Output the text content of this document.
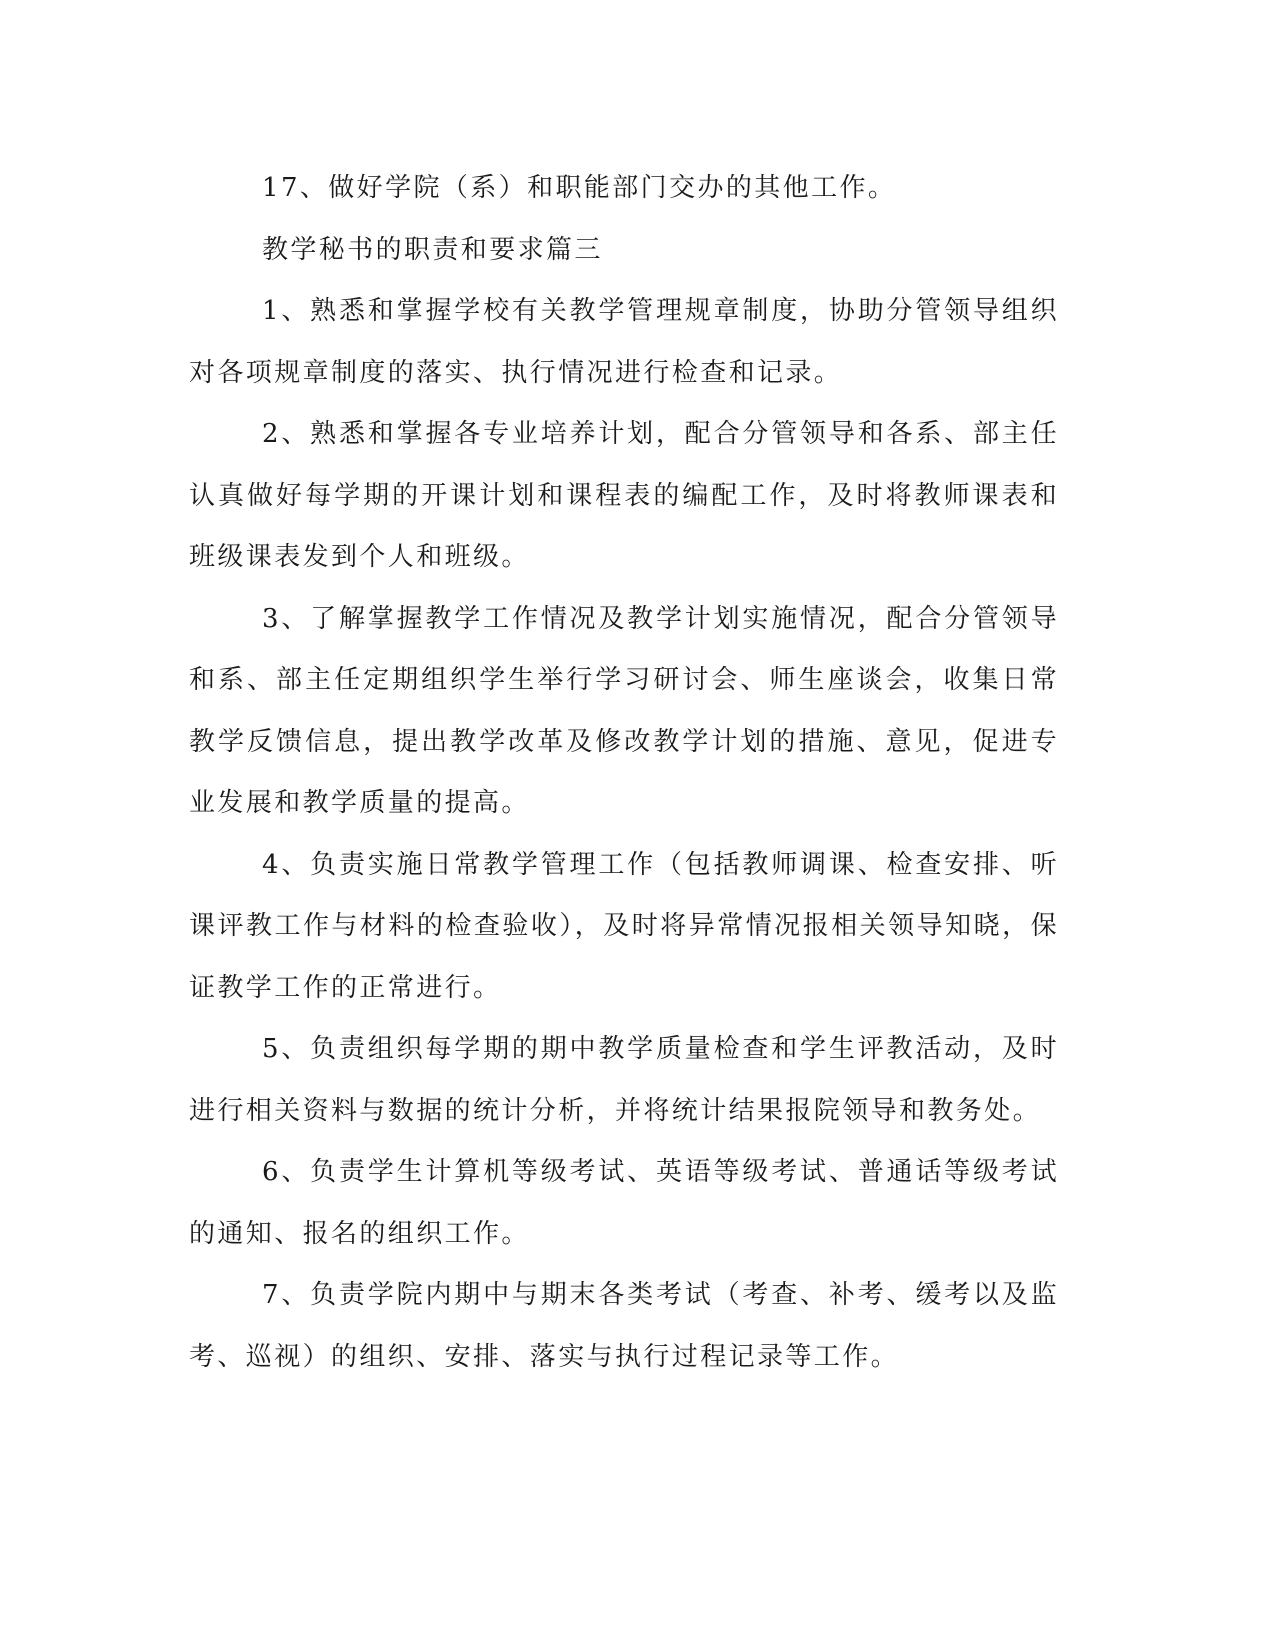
17、做好学院（系）和职能部门交办的其他工作。

教学秘书的职责和要求篇三

1、熟悉和掌握学校有关教学管理规章制度，协助分管领导组织对各项规章制度的落实、执行情况进行检查和记录。

2、熟悉和掌握各专业培养计划，配合分管领导和各系、部主任认真做好每学期的开课计划和课程表的编配工作，及时将教师课表和班级课表发到个人和班级。

3、了解掌握教学工作情况及教学计划实施情况，配合分管领导和系、部主任定期组织学生举行学习研讨会、师生座谈会，收集日常教学反馈信息，提出教学改革及修改教学计划的措施、意见，促进专业发展和教学质量的提高。

4、负责实施日常教学管理工作（包括教师调课、检查安排、听课评教工作与材料的检查验收），及时将异常情况报相关领导知晓，保证教学工作的正常进行。

5、负责组织每学期的期中教学质量检查和学生评教活动，及时进行相关资料与数据的统计分析，并将统计结果报院领导和教务处。

6、负责学生计算机等级考试、英语等级考试、普通话等级考试的通知、报名的组织工作。

7、负责学院内期中与期末各类考试（考查、补考、缓考以及监考、巡视）的组织、安排、落实与执行过程记录等工作。
